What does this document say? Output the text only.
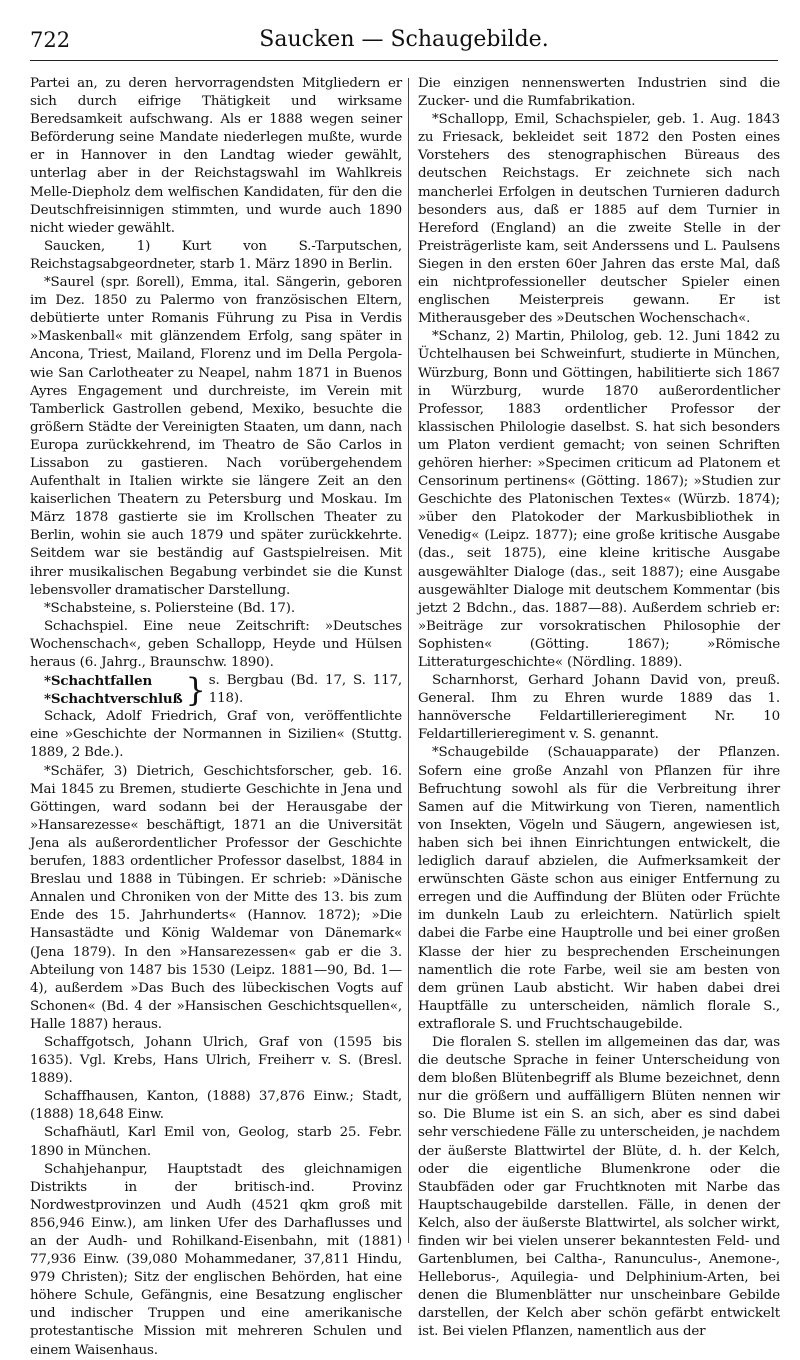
722	Saucken — Schaugebilde.

Partei an, zu deren hervorragendsten Mitgliedern er sich durch eifrige Thätigkeit und wirksame Beredsamkeit aufschwang. Als er 1888 wegen seiner Beförderung seine Mandate niederlegen mußte, wurde er in Hannover in den Landtag wieder gewählt, unterlag aber in der Reichstagswahl im Wahlkreis Melle-Diepholz dem welfischen Kandidaten, für den die Deutschfreisinnigen stimmten, und wurde auch 1890 nicht wieder gewählt.

Saucken, 1) Kurt von S.-Tarputschen, Reichstagsabgeordneter, starb 1. März 1890 in Berlin.

*Saurel (spr. ßorell), Emma, ital. Sängerin, geboren im Dez. 1850 zu Palermo von französischen Eltern, debütierte unter Romanis Führung zu Pisa in Verdis »Maskenball« mit glänzendem Erfolg, sang später in Ancona, Triest, Mailand, Florenz und im Della Pergola- wie San Carlotheater zu Neapel, nahm 1871 in Buenos Ayres Engagement und durchreiste, im Verein mit Tamberlick Gastrollen gebend, Mexiko, besuchte die größern Städte der Vereinigten Staaten, um dann, nach Europa zurückkehrend, im Theatro de São Carlos in Lissabon zu gastieren. Nach vorübergehendem Aufenthalt in Italien wirkte sie längere Zeit an den kaiserlichen Theatern zu Petersburg und Moskau. Im März 1878 gastierte sie im Krollschen Theater zu Berlin, wohin sie auch 1879 und später zurückkehrte. Seitdem war sie beständig auf Gastspielreisen. Mit ihrer musikalischen Begabung verbindet sie die Kunst lebensvoller dramatischer Darstellung.

*Schabsteine, s. Poliersteine (Bd. 17).

Schachspiel. Eine neue Zeitschrift: »Deutsches Wochenschach«, geben Schallopp, Heyde und Hülsen heraus (6. Jahrg., Braunschw. 1890).

*Schachtfallen
*Schachtverschluß } s. Bergbau (Bd. 17, S. 117, 118).

Schack, Adolf Friedrich, Graf von, veröffentlichte eine »Geschichte der Normannen in Sizilien« (Stuttg. 1889, 2 Bde.).

*Schäfer, 3) Dietrich, Geschichtsforscher, geb. 16. Mai 1845 zu Bremen, studierte Geschichte in Jena und Göttingen, ward sodann bei der Herausgabe der »Hansarezesse« beschäftigt, 1871 an die Universität Jena als außerordentlicher Professor der Geschichte berufen, 1883 ordentlicher Professor daselbst, 1884 in Breslau und 1888 in Tübingen. Er schrieb: »Dänische Annalen und Chroniken von der Mitte des 13. bis zum Ende des 15. Jahrhunderts« (Hannov. 1872); »Die Hansastädte und König Waldemar von Dänemark« (Jena 1879). In den »Hansarezessen« gab er die 3. Abteilung von 1487 bis 1530 (Leipz. 1881—90, Bd. 1—4), außerdem »Das Buch des lübeckischen Vogts auf Schonen« (Bd. 4 der »Hansischen Geschichtsquellen«, Halle 1887) heraus.

Schaffgotsch, Johann Ulrich, Graf von (1595 bis 1635). Vgl. Krebs, Hans Ulrich, Freiherr v. S. (Bresl. 1889).

Schaffhausen, Kanton, (1888) 37,876 Einw.; Stadt, (1888) 18,648 Einw.

Schafhäutl, Karl Emil von, Geolog, starb 25. Febr. 1890 in München.

Schahjehanpur, Hauptstadt des gleichnamigen Distrikts in der britisch-ind. Provinz Nordwestprovinzen und Audh (4521 qkm groß mit 856,946 Einw.), am linken Ufer des Darhaflusses und an der Audh- und Rohilkand-Eisenbahn, mit (1881) 77,936 Einw. (39,080 Mohammedaner, 37,811 Hindu, 979 Christen); Sitz der englischen Behörden, hat eine höhere Schule, Gefängnis, eine Besatzung englischer und indischer Truppen und eine amerikanische protestantische Mission mit mehreren Schulen und einem Waisenhaus.

Die einzigen nennenswerten Industrien sind die Zucker- und die Rumfabrikation.

*Schallopp, Emil, Schachspieler, geb. 1. Aug. 1843 zu Friesack, bekleidet seit 1872 den Posten eines Vorstehers des stenographischen Büreaus des deutschen Reichstags. Er zeichnete sich nach mancherlei Erfolgen in deutschen Turnieren dadurch besonders aus, daß er 1885 auf dem Turnier in Hereford (England) an die zweite Stelle in der Preisträgerliste kam, seit Anderssens und L. Paulsens Siegen in den ersten 60er Jahren das erste Mal, daß ein nichtprofessioneller deutscher Spieler einen englischen Meisterpreis gewann. Er ist Mitherausgeber des »Deutschen Wochenschach«.

*Schanz, 2) Martin, Philolog, geb. 12. Juni 1842 zu Üchtelhausen bei Schweinfurt, studierte in München, Würzburg, Bonn und Göttingen, habilitierte sich 1867 in Würzburg, wurde 1870 außerordentlicher Professor, 1883 ordentlicher Professor der klassischen Philologie daselbst. S. hat sich besonders um Platon verdient gemacht; von seinen Schriften gehören hierher: »Specimen criticum ad Platonem et Censorinum pertinens« (Götting. 1867); »Studien zur Geschichte des Platonischen Textes« (Würzb. 1874); »über den Platokoder der Markusbibliothek in Venedig« (Leipz. 1877); eine große kritische Ausgabe (das., seit 1875), eine kleine kritische Ausgabe ausgewählter Dialoge (das., seit 1887); eine Ausgabe ausgewählter Dialoge mit deutschem Kommentar (bis jetzt 2 Bdchn., das. 1887—88). Außerdem schrieb er: »Beiträge zur vorsokratischen Philosophie der Sophisten« (Götting. 1867); »Römische Litteraturgeschichte« (Nördling. 1889).

Scharnhorst, Gerhard Johann David von, preuß. General. Ihm zu Ehren wurde 1889 das 1. hannöversche Feldartillerieregiment Nr. 10 Feldartillerieregiment v. S. genannt.

*Schaugebilde (Schauapparate) der Pflanzen. Sofern eine große Anzahl von Pflanzen für ihre Befruchtung sowohl als für die Verbreitung ihrer Samen auf die Mitwirkung von Tieren, namentlich von Insekten, Vögeln und Säugern, angewiesen ist, haben sich bei ihnen Einrichtungen entwickelt, die lediglich darauf abzielen, die Aufmerksamkeit der erwünschten Gäste schon aus einiger Entfernung zu erregen und die Auffindung der Blüten oder Früchte im dunkeln Laub zu erleichtern. Natürlich spielt dabei die Farbe eine Hauptrolle und bei einer großen Klasse der hier zu besprechenden Erscheinungen namentlich die rote Farbe, weil sie am besten von dem grünen Laub absticht. Wir haben dabei drei Hauptfälle zu unterscheiden, nämlich florale S., extraflorale S. und Fruchtschaugebilde.

Die floralen S. stellen im allgemeinen das dar, was die deutsche Sprache in feiner Unterscheidung von dem bloßen Blütenbegriff als Blume bezeichnet, denn nur die größern und auffälligern Blüten nennen wir so. Die Blume ist ein S. an sich, aber es sind dabei sehr verschiedene Fälle zu unterscheiden, je nachdem der äußerste Blattwirtel der Blüte, d. h. der Kelch, oder die eigentliche Blumenkrone oder die Staubfäden oder gar Fruchtknoten mit Narbe das Hauptschaugebilde darstellen. Fälle, in denen der Kelch, also der äußerste Blattwirtel, als solcher wirkt, finden wir bei vielen unserer bekanntesten Feld- und Gartenblumen, bei Caltha-, Ranunculus-, Anemone-, Helleborus-, Aquilegia- und Delphinium-Arten, bei denen die Blumenblätter nur unscheinbare Gebilde darstellen, der Kelch aber schön gefärbt entwickelt ist. Bei vielen Pflanzen, namentlich aus der
